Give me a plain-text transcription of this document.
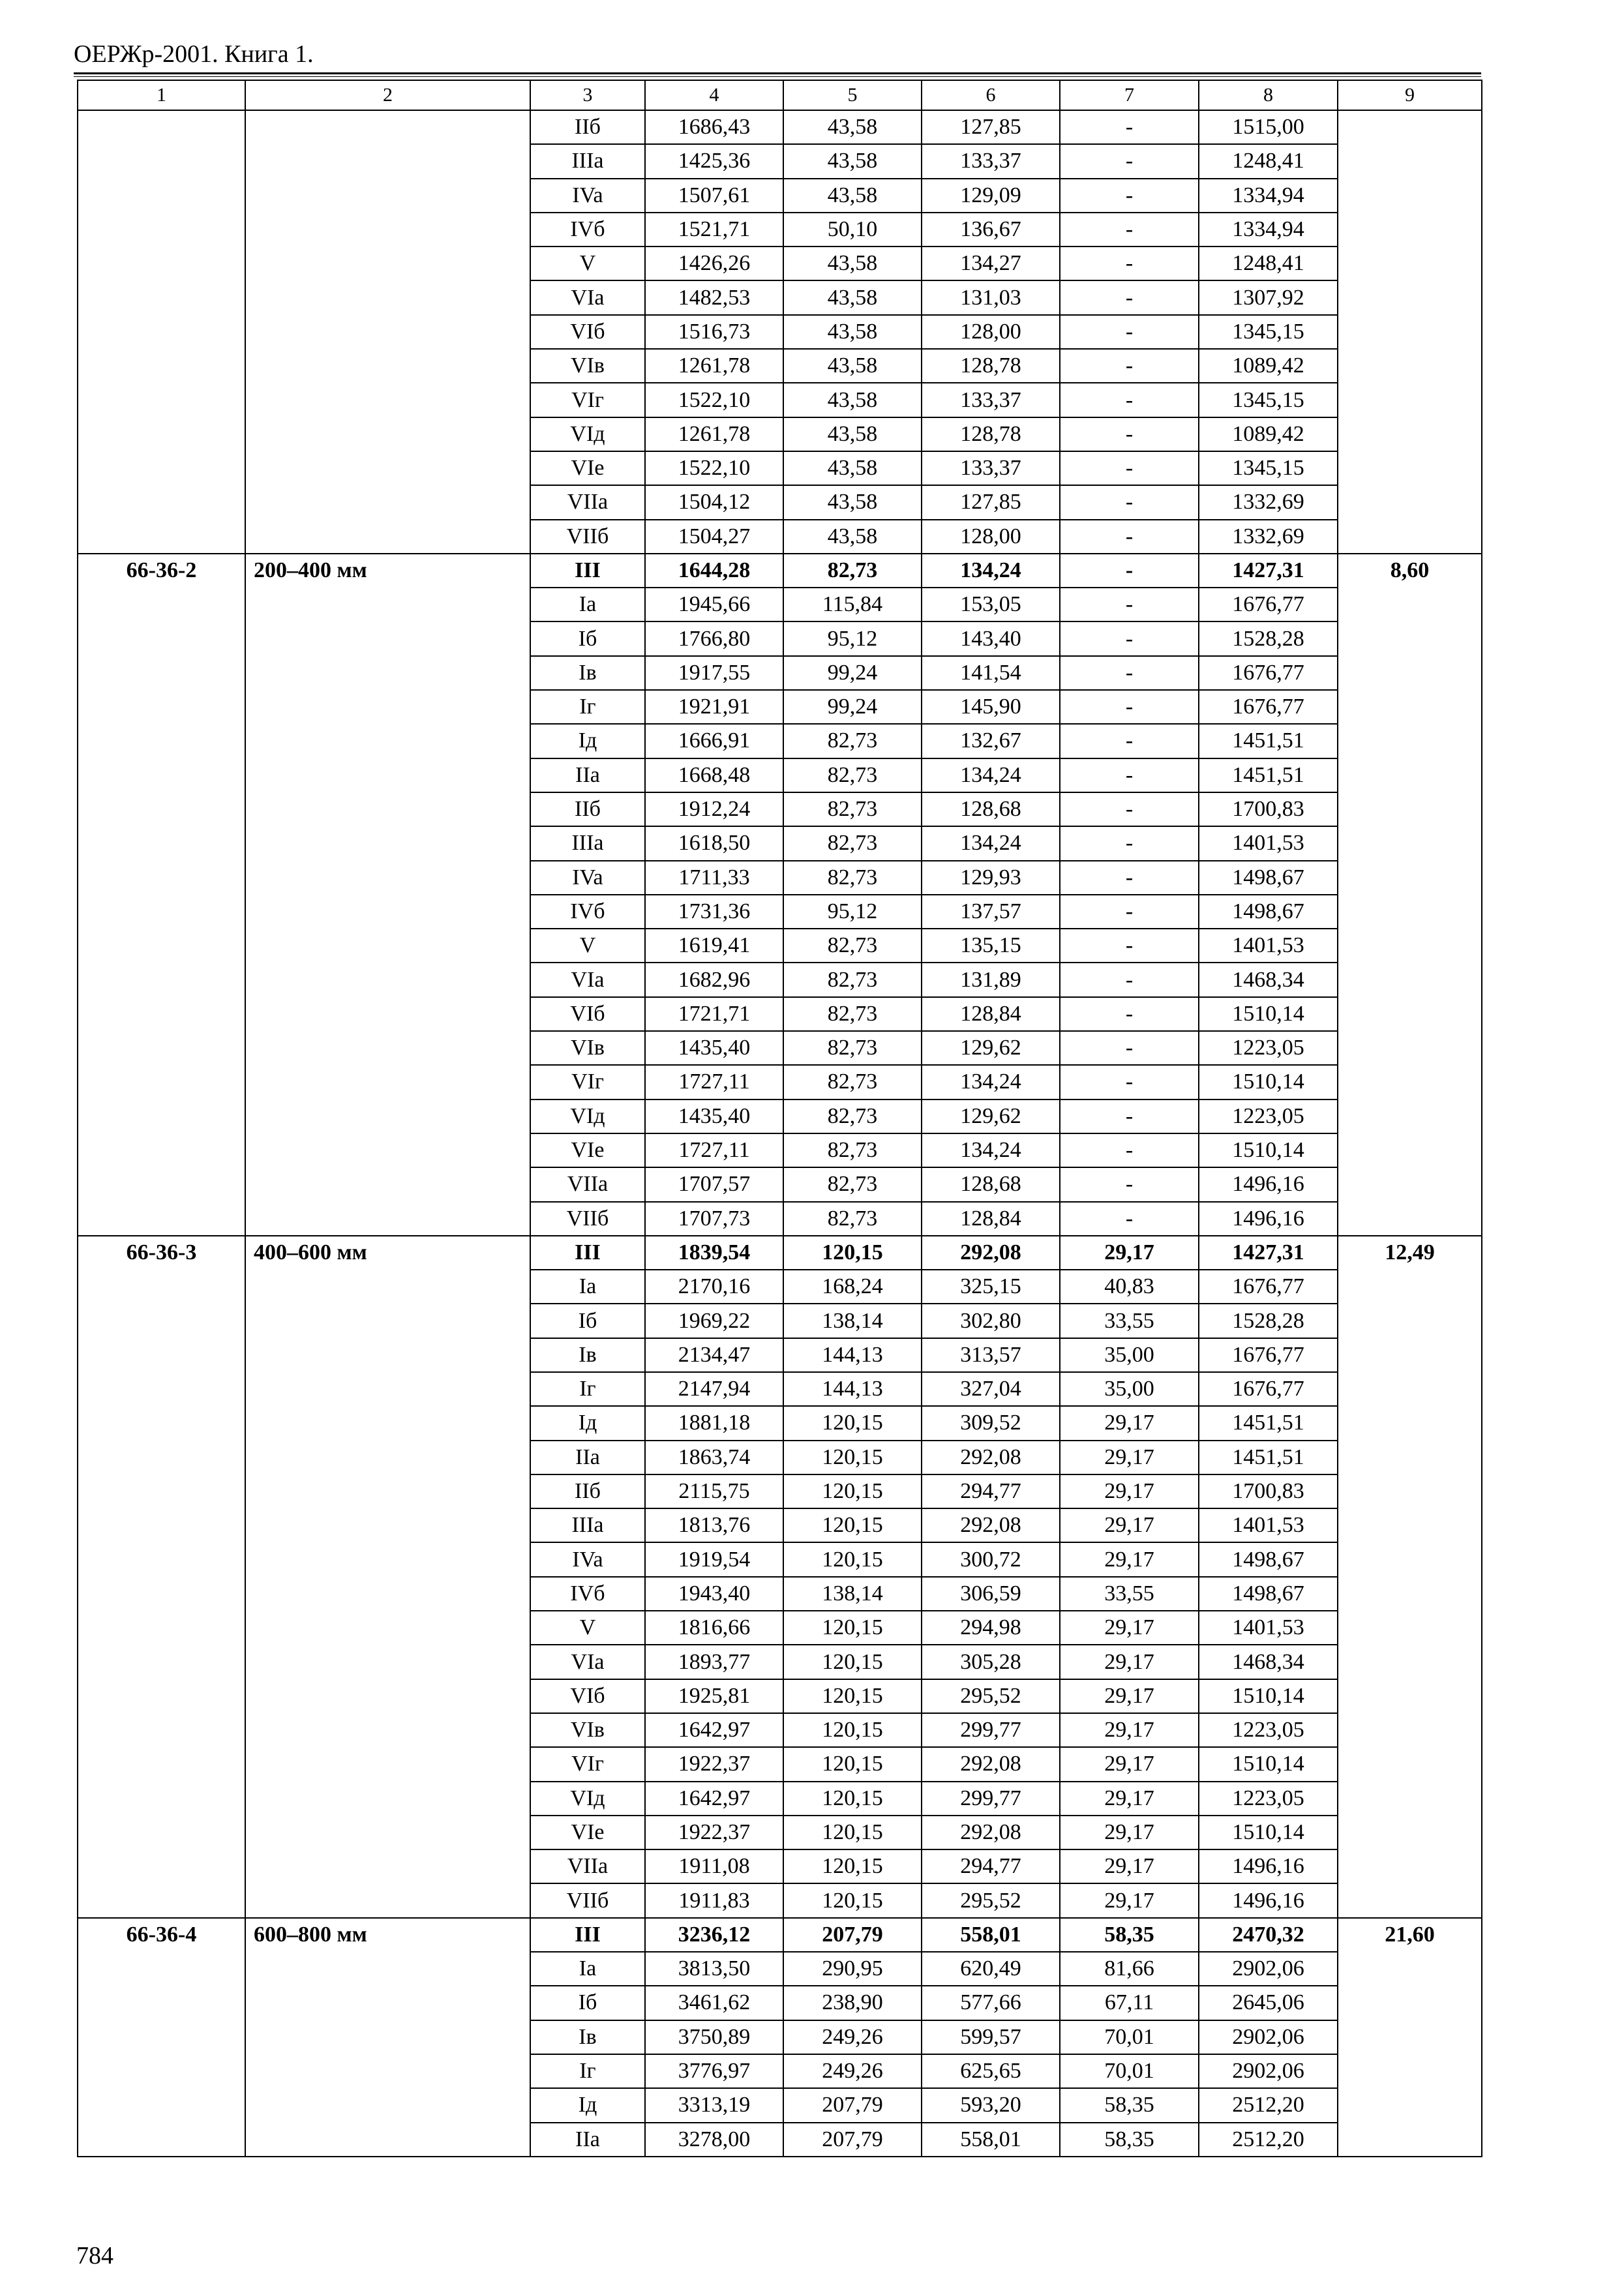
ОЕРЖр-2001. Книга 1.
1	2	3	4	5	6	7	8	9
		IIб	1686,43	43,58	127,85	-	1515,00	
		IIIa	1425,36	43,58	133,37	-	1248,41	
		IVa	1507,61	43,58	129,09	-	1334,94	
		IVб	1521,71	50,10	136,67	-	1334,94	
		V	1426,26	43,58	134,27	-	1248,41	
		VIa	1482,53	43,58	131,03	-	1307,92	
		VIб	1516,73	43,58	128,00	-	1345,15	
		VIв	1261,78	43,58	128,78	-	1089,42	
		VIг	1522,10	43,58	133,37	-	1345,15	
		VIд	1261,78	43,58	128,78	-	1089,42	
		VIe	1522,10	43,58	133,37	-	1345,15	
		VIIa	1504,12	43,58	127,85	-	1332,69	
		VIIб	1504,27	43,58	128,00	-	1332,69	
66-36-2	200–400 мм	III	1644,28	82,73	134,24	-	1427,31	8,60
		Ia	1945,66	115,84	153,05	-	1676,77	
		Iб	1766,80	95,12	143,40	-	1528,28	
		Iв	1917,55	99,24	141,54	-	1676,77	
		Iг	1921,91	99,24	145,90	-	1676,77	
		Iд	1666,91	82,73	132,67	-	1451,51	
		IIa	1668,48	82,73	134,24	-	1451,51	
		IIб	1912,24	82,73	128,68	-	1700,83	
		IIIa	1618,50	82,73	134,24	-	1401,53	
		IVa	1711,33	82,73	129,93	-	1498,67	
		IVб	1731,36	95,12	137,57	-	1498,67	
		V	1619,41	82,73	135,15	-	1401,53	
		VIa	1682,96	82,73	131,89	-	1468,34	
		VIб	1721,71	82,73	128,84	-	1510,14	
		VIв	1435,40	82,73	129,62	-	1223,05	
		VIг	1727,11	82,73	134,24	-	1510,14	
		VIд	1435,40	82,73	129,62	-	1223,05	
		VIe	1727,11	82,73	134,24	-	1510,14	
		VIIa	1707,57	82,73	128,68	-	1496,16	
		VIIб	1707,73	82,73	128,84	-	1496,16	
66-36-3	400–600 мм	III	1839,54	120,15	292,08	29,17	1427,31	12,49
		Ia	2170,16	168,24	325,15	40,83	1676,77	
		Iб	1969,22	138,14	302,80	33,55	1528,28	
		Iв	2134,47	144,13	313,57	35,00	1676,77	
		Iг	2147,94	144,13	327,04	35,00	1676,77	
		Iд	1881,18	120,15	309,52	29,17	1451,51	
		IIa	1863,74	120,15	292,08	29,17	1451,51	
		IIб	2115,75	120,15	294,77	29,17	1700,83	
		IIIa	1813,76	120,15	292,08	29,17	1401,53	
		IVa	1919,54	120,15	300,72	29,17	1498,67	
		IVб	1943,40	138,14	306,59	33,55	1498,67	
		V	1816,66	120,15	294,98	29,17	1401,53	
		VIa	1893,77	120,15	305,28	29,17	1468,34	
		VIб	1925,81	120,15	295,52	29,17	1510,14	
		VIв	1642,97	120,15	299,77	29,17	1223,05	
		VIг	1922,37	120,15	292,08	29,17	1510,14	
		VIд	1642,97	120,15	299,77	29,17	1223,05	
		VIe	1922,37	120,15	292,08	29,17	1510,14	
		VIIa	1911,08	120,15	294,77	29,17	1496,16	
		VIIб	1911,83	120,15	295,52	29,17	1496,16	
66-36-4	600–800 мм	III	3236,12	207,79	558,01	58,35	2470,32	21,60
		Ia	3813,50	290,95	620,49	81,66	2902,06	
		Iб	3461,62	238,90	577,66	67,11	2645,06	
		Iв	3750,89	249,26	599,57	70,01	2902,06	
		Iг	3776,97	249,26	625,65	70,01	2902,06	
		Iд	3313,19	207,79	593,20	58,35	2512,20	
		IIa	3278,00	207,79	558,01	58,35	2512,20	
784
